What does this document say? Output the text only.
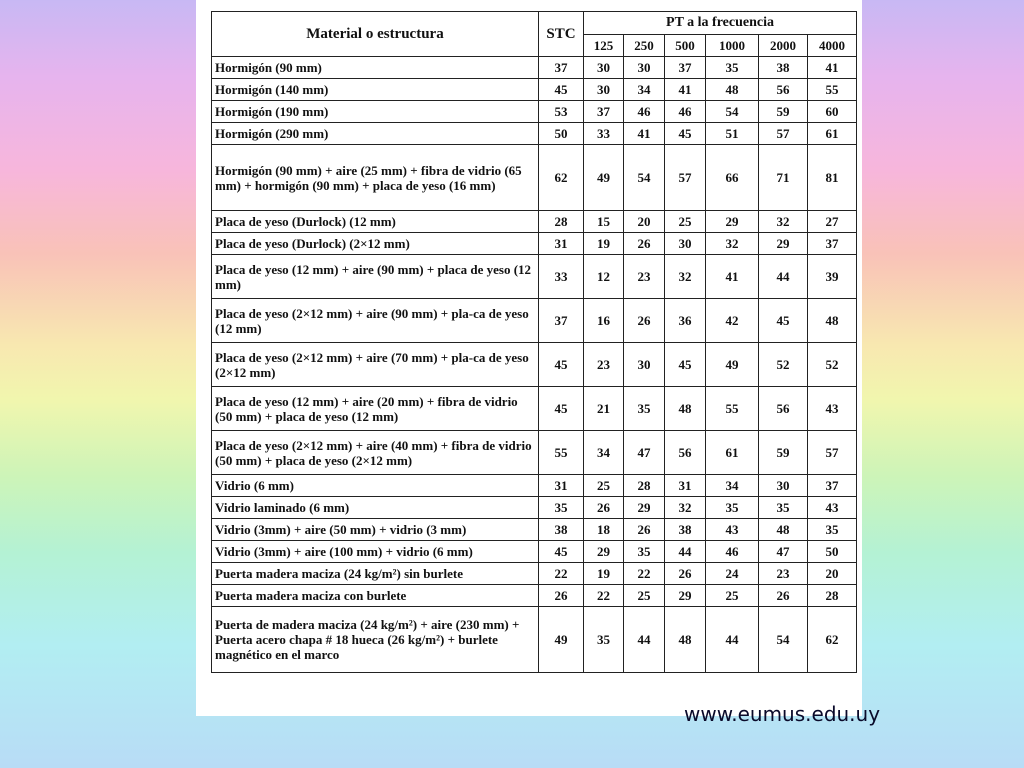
Material o estructura	STC	PT a la frecuencia					
		125	250	500	1000	2000	4000
Hormigón (90 mm)	37	30	30	37	35	38	41
Hormigón (140 mm)	45	30	34	41	48	56	55
Hormigón (190 mm)	53	37	46	46	54	59	60
Hormigón (290 mm)	50	33	41	45	51	57	61
Hormigón (90 mm) + aire (25 mm) + fibra de vidrio (65 mm) + hormigón (90 mm) + placa de yeso (16 mm)	62	49	54	57	66	71	81
Placa de yeso (Durlock) (12 mm)	28	15	20	25	29	32	27
Placa de yeso (Durlock) (2×12 mm)	31	19	26	30	32	29	37
Placa de yeso (12 mm) + aire (90 mm) + placa de yeso (12 mm)	33	12	23	32	41	44	39
Placa de yeso (2×12 mm) + aire (90 mm) + pla-ca de yeso (12 mm)	37	16	26	36	42	45	48
Placa de yeso (2×12 mm) + aire (70 mm) + pla-ca de yeso (2×12 mm)	45	23	30	45	49	52	52
Placa de yeso (12 mm) + aire (20 mm) + fibra de vidrio (50 mm) + placa de yeso (12 mm)	45	21	35	48	55	56	43
Placa de yeso (2×12 mm) + aire (40 mm) + fibra de vidrio (50 mm) + placa de yeso (2×12 mm)	55	34	47	56	61	59	57
Vidrio (6 mm)	31	25	28	31	34	30	37
Vidrio laminado (6 mm)	35	26	29	32	35	35	43
Vidrio (3mm) + aire (50 mm) + vidrio (3 mm)	38	18	26	38	43	48	35
Vidrio (3mm) + aire (100 mm) + vidrio (6 mm)	45	29	35	44	46	47	50
Puerta madera maciza (24 kg/m²) sin burlete	22	19	22	26	24	23	20
Puerta madera maciza con burlete	26	22	25	29	25	26	28
Puerta de madera maciza (24 kg/m²) + aire (230 mm) + Puerta acero chapa # 18 hueca (26 kg/m²) + burlete magnético en el marco	49	35	44	48	44	54	62
www.eumus.edu.uy
